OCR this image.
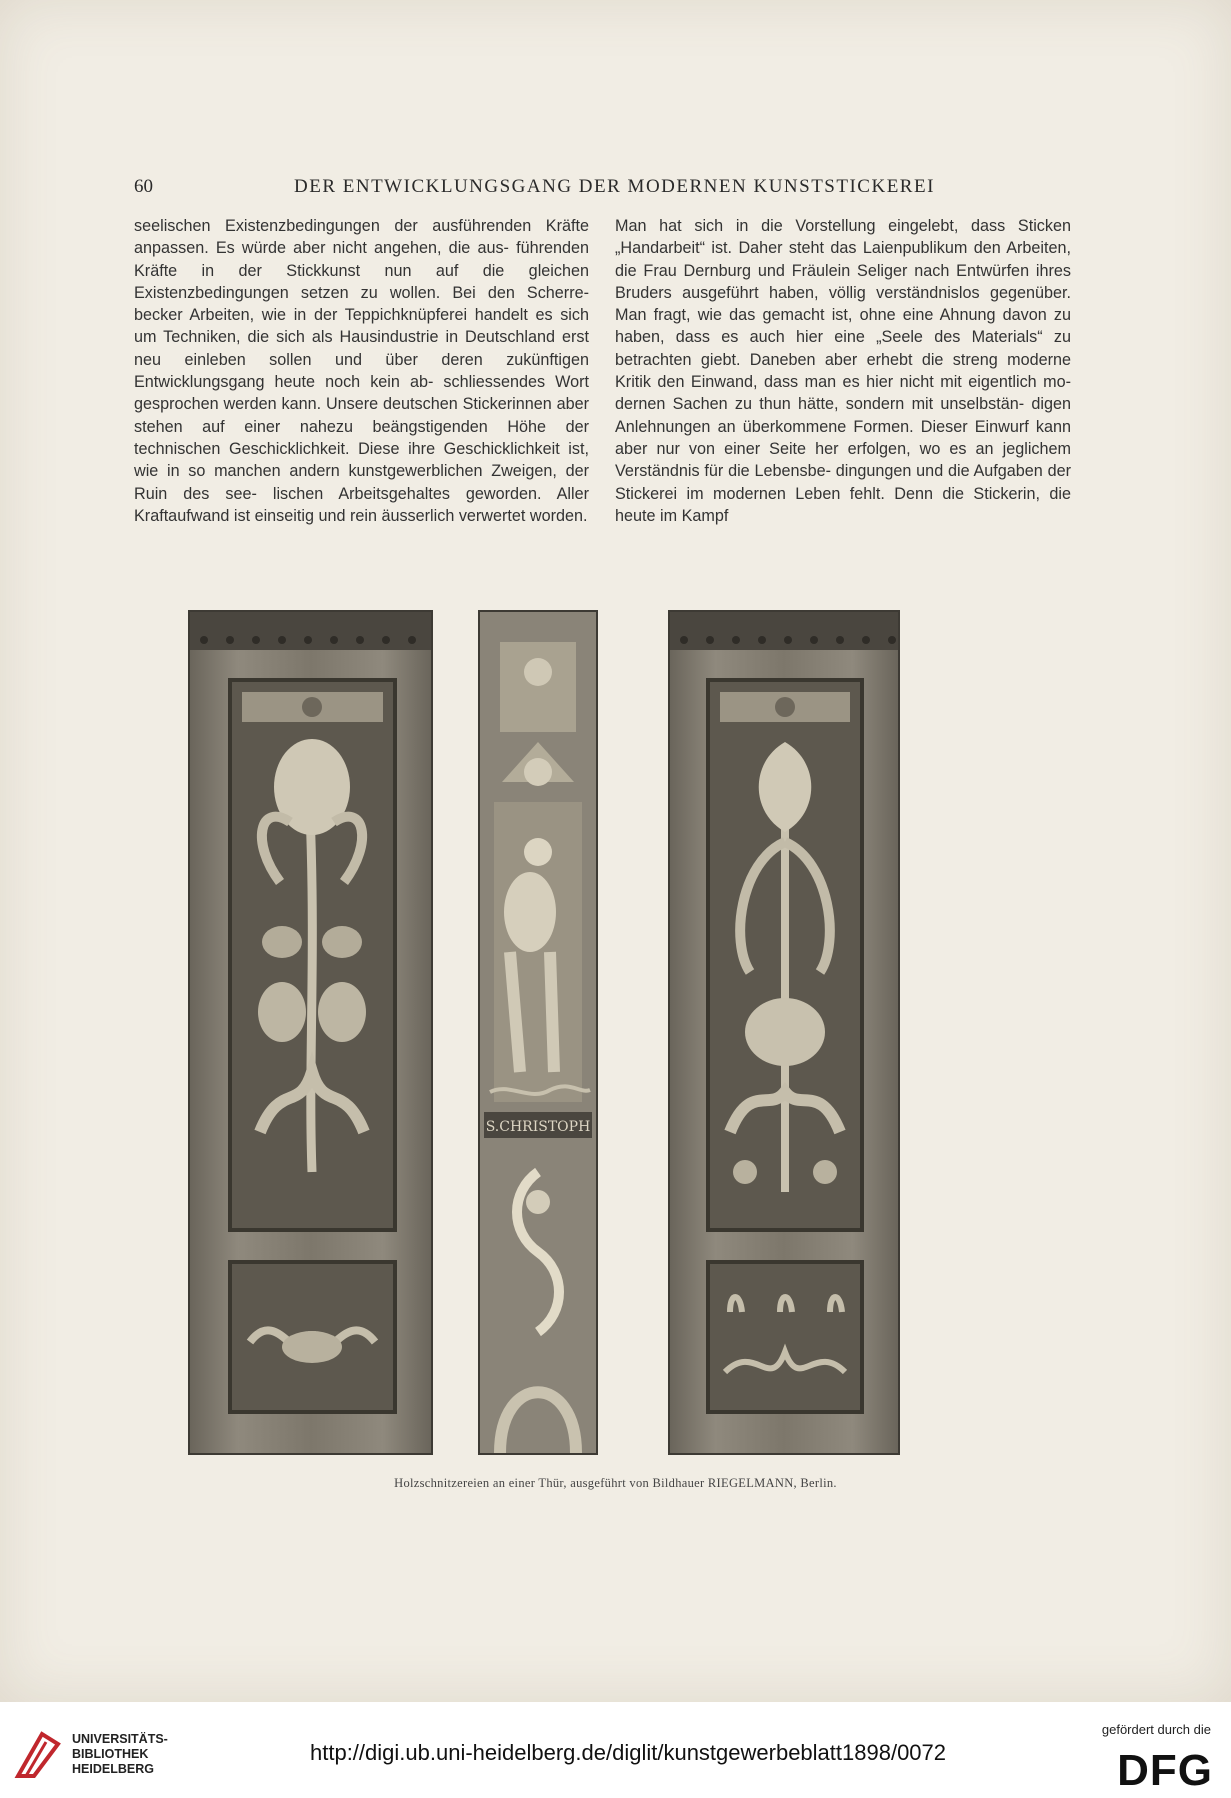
60	DER ENTWICKLUNGSGANG DER MODERNEN KUNSTSTICKEREI

seelischen Existenzbedingungen der ausführenden Kräfte anpassen. Es würde aber nicht angehen, die aus- führenden Kräfte in der Stickkunst nun auf die gleichen Existenzbedingungen setzen zu wollen. Bei den Scherre- becker Arbeiten, wie in der Teppichknüpferei handelt es sich um Techniken, die sich als Hausindustrie in Deutschland erst neu einleben sollen und über deren zukünftigen Entwicklungsgang heute noch kein ab- schliessendes Wort gesprochen werden kann. Unsere deutschen Stickerinnen aber stehen auf einer nahezu beängstigenden Höhe der technischen Geschicklichkeit. Diese ihre Geschicklichkeit ist, wie in so manchen andern kunstgewerblichen Zweigen, der Ruin des see- lischen Arbeitsgehaltes geworden. Aller Kraftaufwand ist einseitig und rein äusserlich verwertet worden.

Man hat sich in die Vorstellung eingelebt, dass Sticken „Handarbeit“ ist. Daher steht das Laienpublikum den Arbeiten, die Frau Dernburg und Fräulein Seliger nach Entwürfen ihres Bruders ausgeführt haben, völlig verständnislos gegenüber. Man fragt, wie das gemacht ist, ohne eine Ahnung davon zu haben, dass es auch hier eine „Seele des Materials“ zu betrachten giebt. Daneben aber erhebt die streng moderne Kritik den Einwand, dass man es hier nicht mit eigentlich mo- dernen Sachen zu thun hätte, sondern mit unselbstän- digen Anlehnungen an überkommene Formen. Dieser Einwurf kann aber nur von einer Seite her erfolgen, wo es an jeglichem Verständnis für die Lebensbe- dingungen und die Aufgaben der Stickerei im modernen Leben fehlt. Denn die Stickerin, die heute im Kampf

S.CHRISTOPH
Holzschnitzereien an einer Thür, ausgeführt von Bildhauer RIEGELMANN, Berlin.
UNIVERSITÄTS-
BIBLIOTHEK
HEIDELBERG
http://digi.ub.uni-heidelberg.de/diglit/kunstgewerbeblatt1898/0072
gefördert durch die
DFG
